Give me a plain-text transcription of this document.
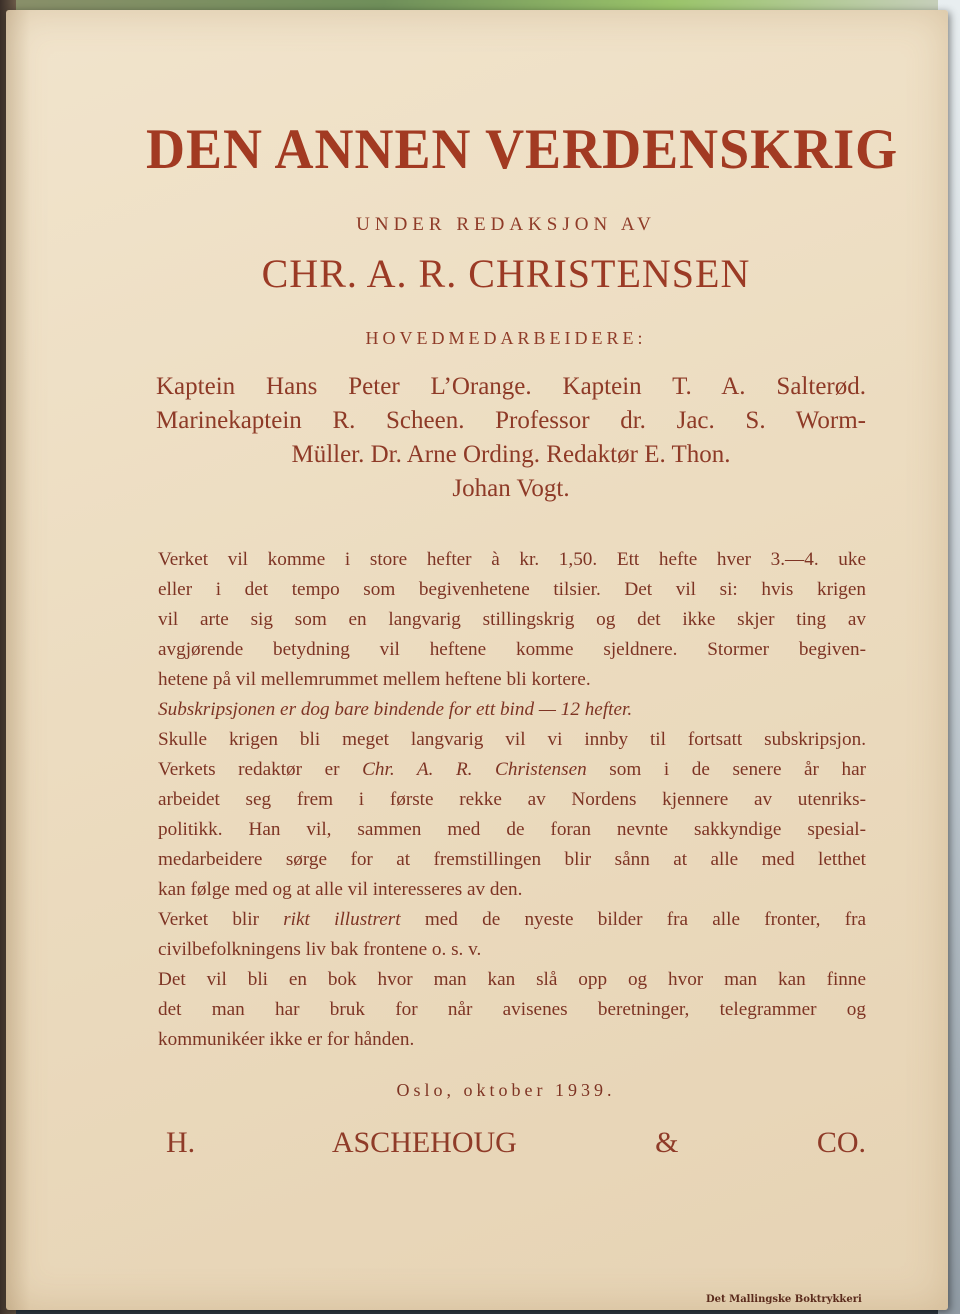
DEN ANNEN VERDENSKRIG
UNDER REDAKSJON AV
CHR. A. R. CHRISTENSEN
HOVEDMEDARBEIDERE:
Kaptein Hans Peter L’Orange. Kaptein T. A. Salterød.
Marinekaptein R. Scheen. Professor dr. Jac. S. Worm-
Müller. Dr. Arne Ording. Redaktør E. Thon.
Johan Vogt.
Verket vil komme i store hefter à kr. 1,50. Ett hefte hver 3.—4. uke
eller i det tempo som begivenhetene tilsier. Det vil si: hvis krigen
vil arte sig som en langvarig stillingskrig og det ikke skjer ting av
avgjørende betydning vil heftene komme sjeldnere. Stormer begiven-
hetene på vil mellemrummet mellem heftene bli kortere.
Subskripsjonen er dog bare bindende for ett bind — 12 hefter.
Skulle krigen bli meget langvarig vil vi innby til fortsatt subskripsjon.
Verkets redaktør er Chr. A. R. Christensen som i de senere år har
arbeidet seg frem i første rekke av Nordens kjennere av utenriks-
politikk. Han vil, sammen med de foran nevnte sakkyndige spesial-
medarbeidere sørge for at fremstillingen blir sånn at alle med letthet
kan følge med og at alle vil interesseres av den.
Verket blir rikt illustrert med de nyeste bilder fra alle fronter, fra
civilbefolkningens liv bak frontene o. s. v.
Det vil bli en bok hvor man kan slå opp og hvor man kan finne
det man har bruk for når avisenes beretninger, telegrammer og
kommunikéer ikke er for hånden.
Oslo, oktober 1939.
H. ASCHEHOUG & CO.
Det Mallingske Boktrykkeri
